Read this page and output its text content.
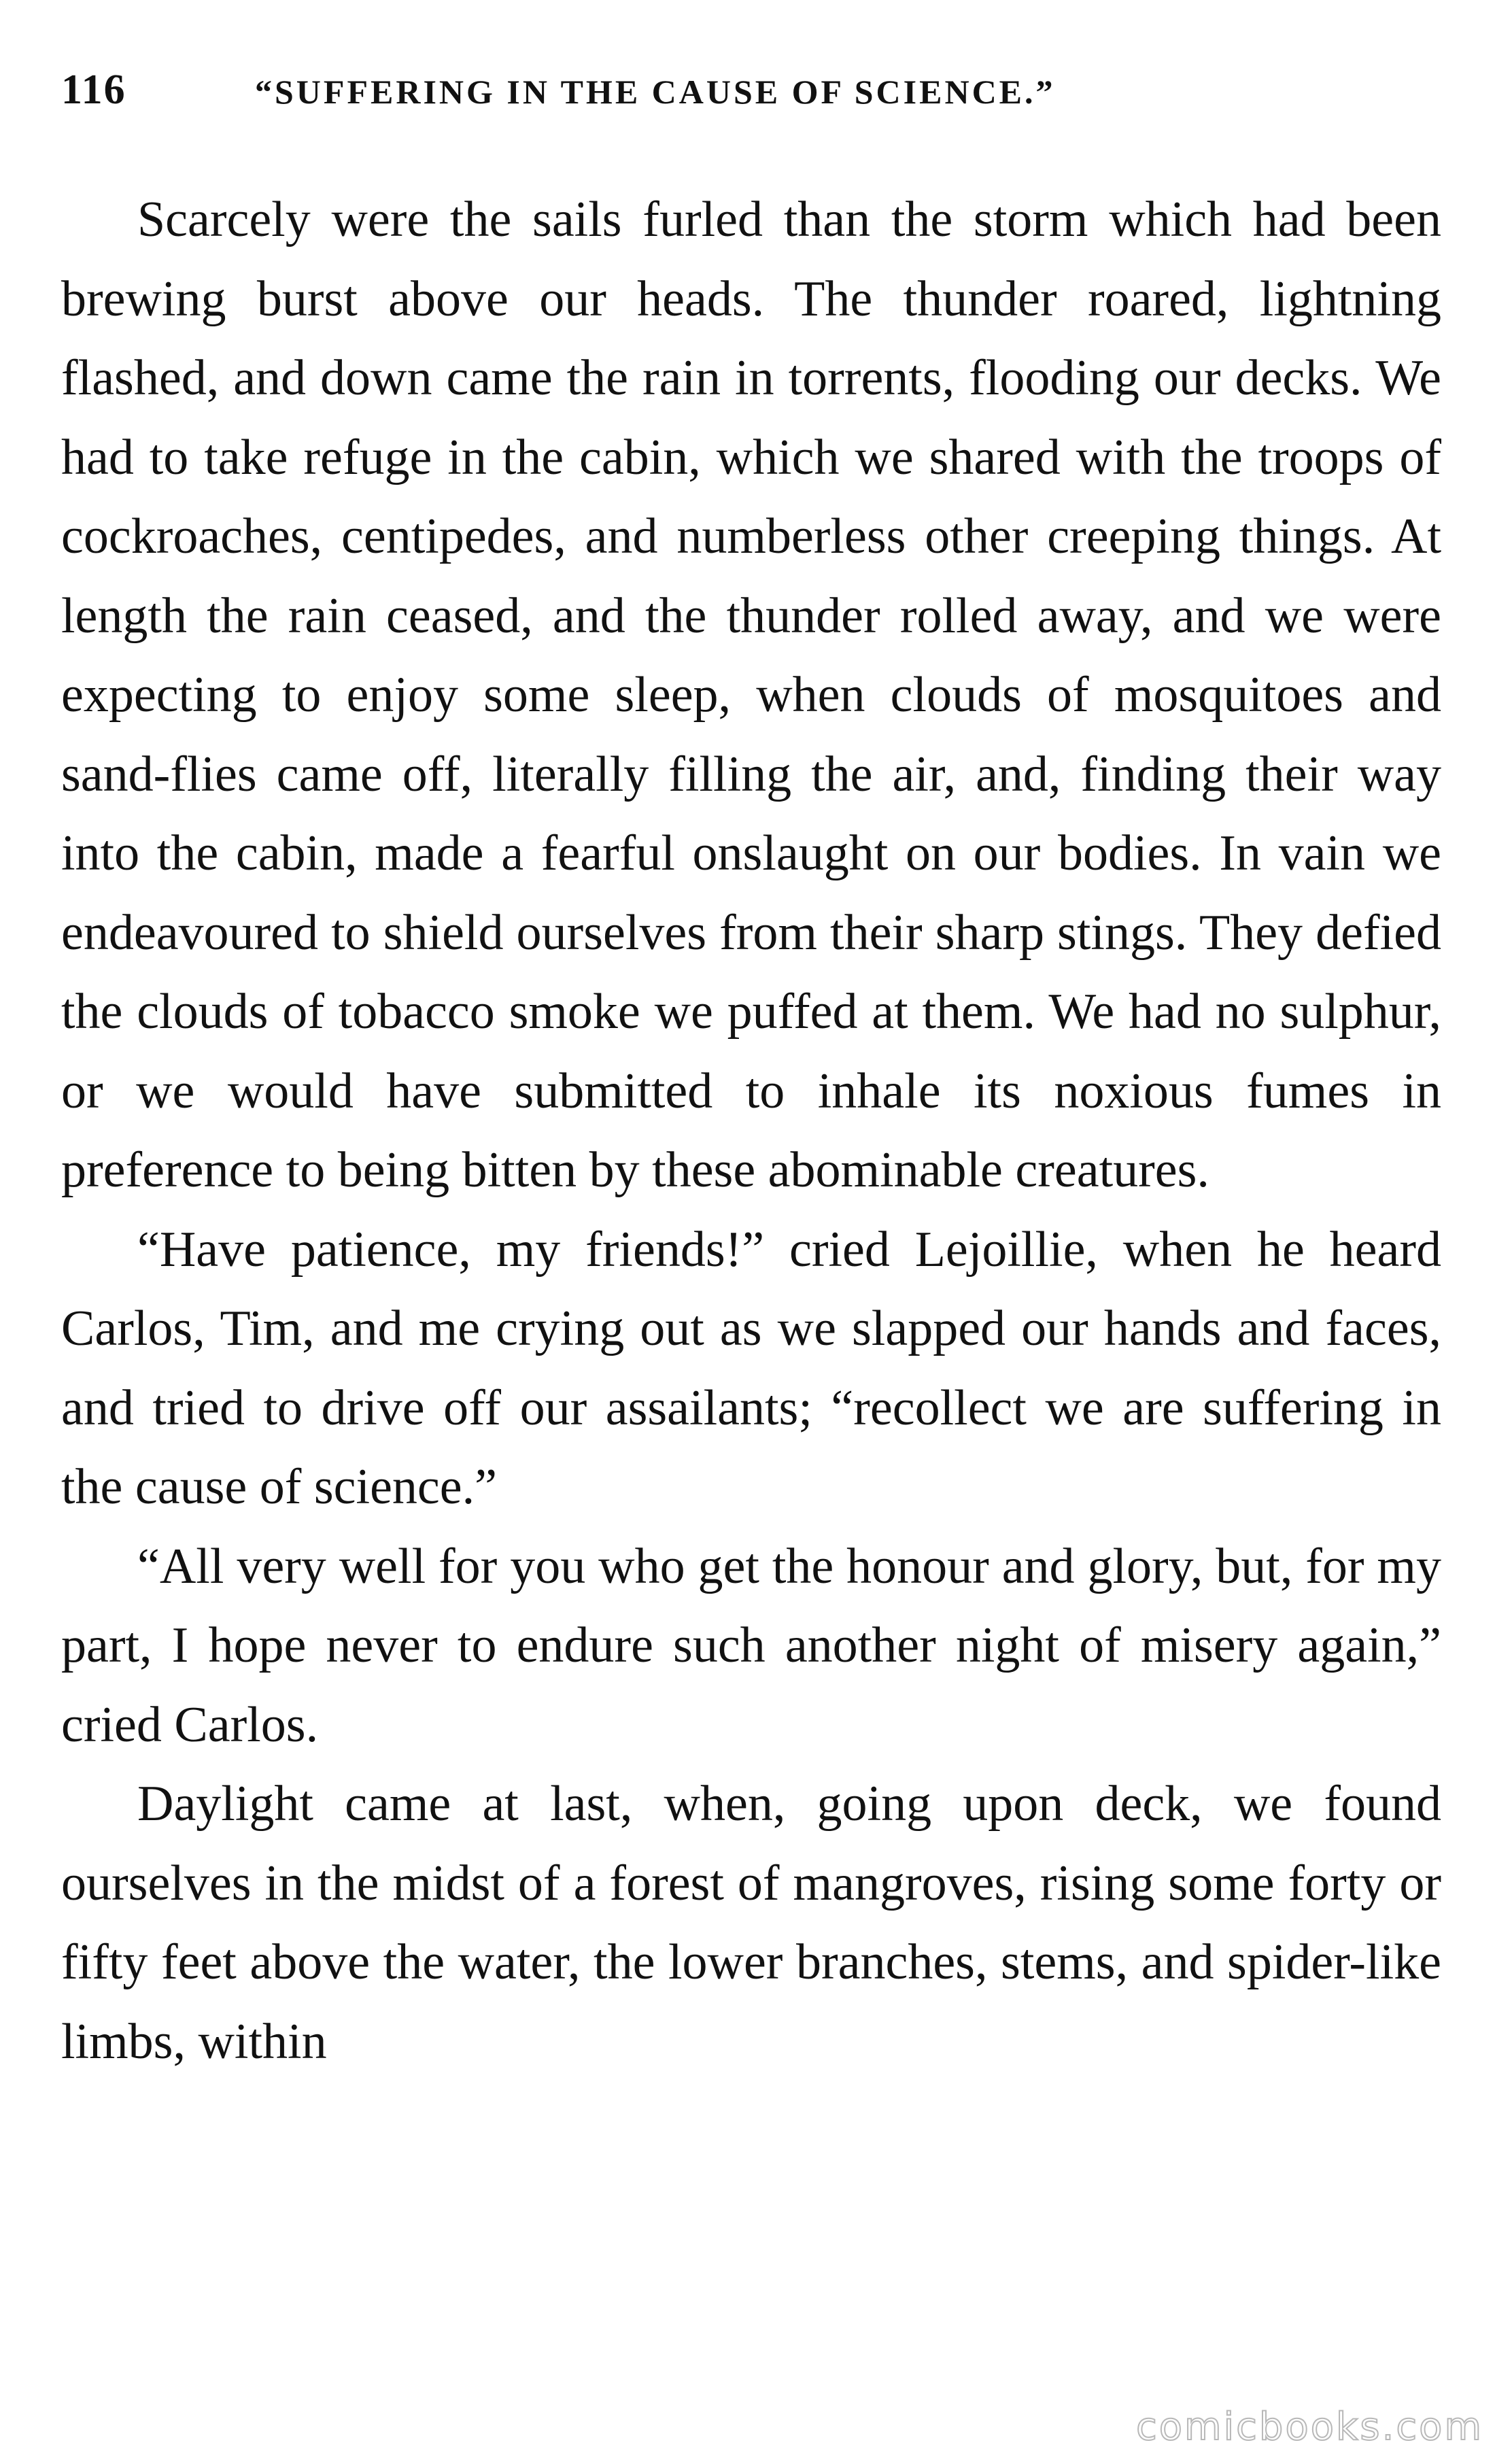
116	“SUFFERING IN THE CAUSE OF SCIENCE.”

Scarcely were the sails furled than the storm which had been brewing burst above our heads. The thunder roared, lightning flashed, and down came the rain in torrents, flooding our decks. We had to take refuge in the cabin, which we shared with the troops of cockroaches, centipedes, and numberless other creeping things. At length the rain ceased, and the thunder rolled away, and we were expecting to enjoy some sleep, when clouds of mosquitoes and sand-flies came off, literally filling the air, and, finding their way into the cabin, made a fearful onslaught on our bodies. In vain we endeavoured to shield ourselves from their sharp stings. They defied the clouds of tobacco smoke we puffed at them. We had no sulphur, or we would have submitted to inhale its noxious fumes in preference to being bitten by these abominable creatures.

“Have patience, my friends!” cried Lejoillie, when he heard Carlos, Tim, and me crying out as we slapped our hands and faces, and tried to drive off our assailants; “recollect we are suffering in the cause of science.”

“All very well for you who get the honour and glory, but, for my part, I hope never to endure such another night of misery again,” cried Carlos.

Daylight came at last, when, going upon deck, we found ourselves in the midst of a forest of mangroves, rising some forty or fifty feet above the water, the lower branches, stems, and spider-like limbs, within

comicbooks.com
